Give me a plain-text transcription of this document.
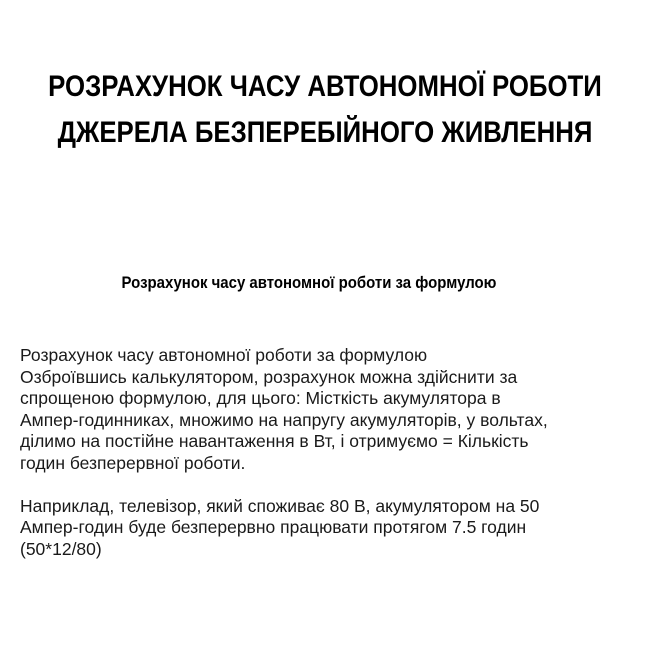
РОЗРАХУНОК ЧАСУ АВТОНОМНОЇ РОБОТИ
ДЖЕРЕЛА БЕЗПЕРЕБІЙНОГО ЖИВЛЕННЯ
Розрахунок часу автономної роботи за формулою

Розрахунок часу автономної роботи за формулою
Озброївшись калькулятором, розрахунок можна здійснити за
спрощеною формулою, для цього: Місткість акумулятора в
Ампер-годинниках, множимо на напругу акумуляторів, у вольтах,
ділимо на постійне навантаження в Вт, і отримуємо = Кількість
годин безперервної роботи.

Наприклад, телевізор, який споживає 80 В, акумулятором на 50
Ампер-годин буде безперервно працювати протягом 7.5 годин
(50*12/80)
